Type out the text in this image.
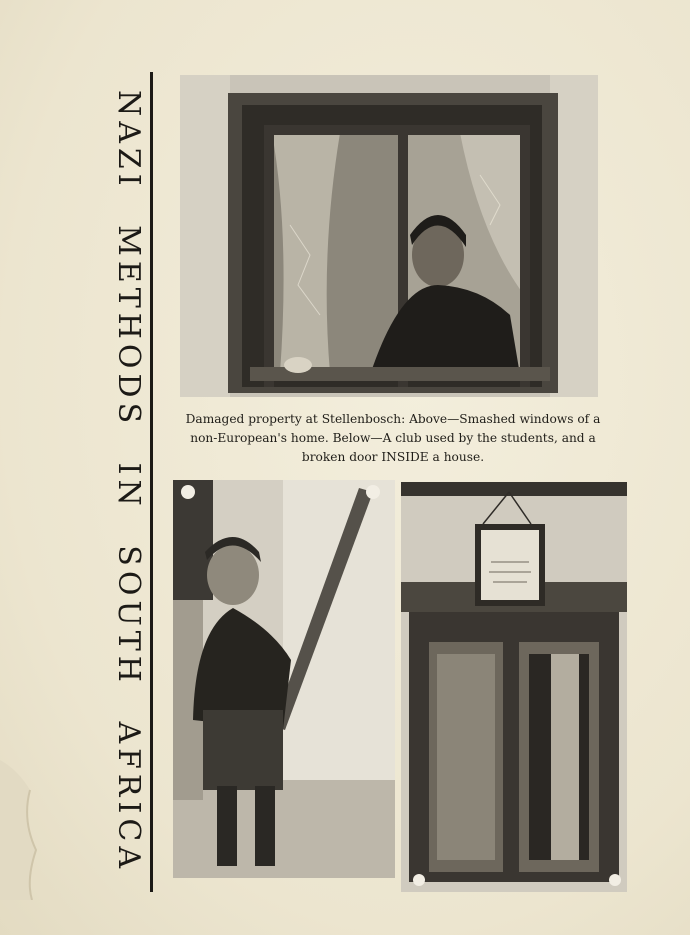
NAZI METHODS IN SOUTH AFRICA	Damaged property at Stellenbosch: Above—Smashed windows of a
non-European's home. Below—A club used by the students, and a
broken door INSIDE a house.
